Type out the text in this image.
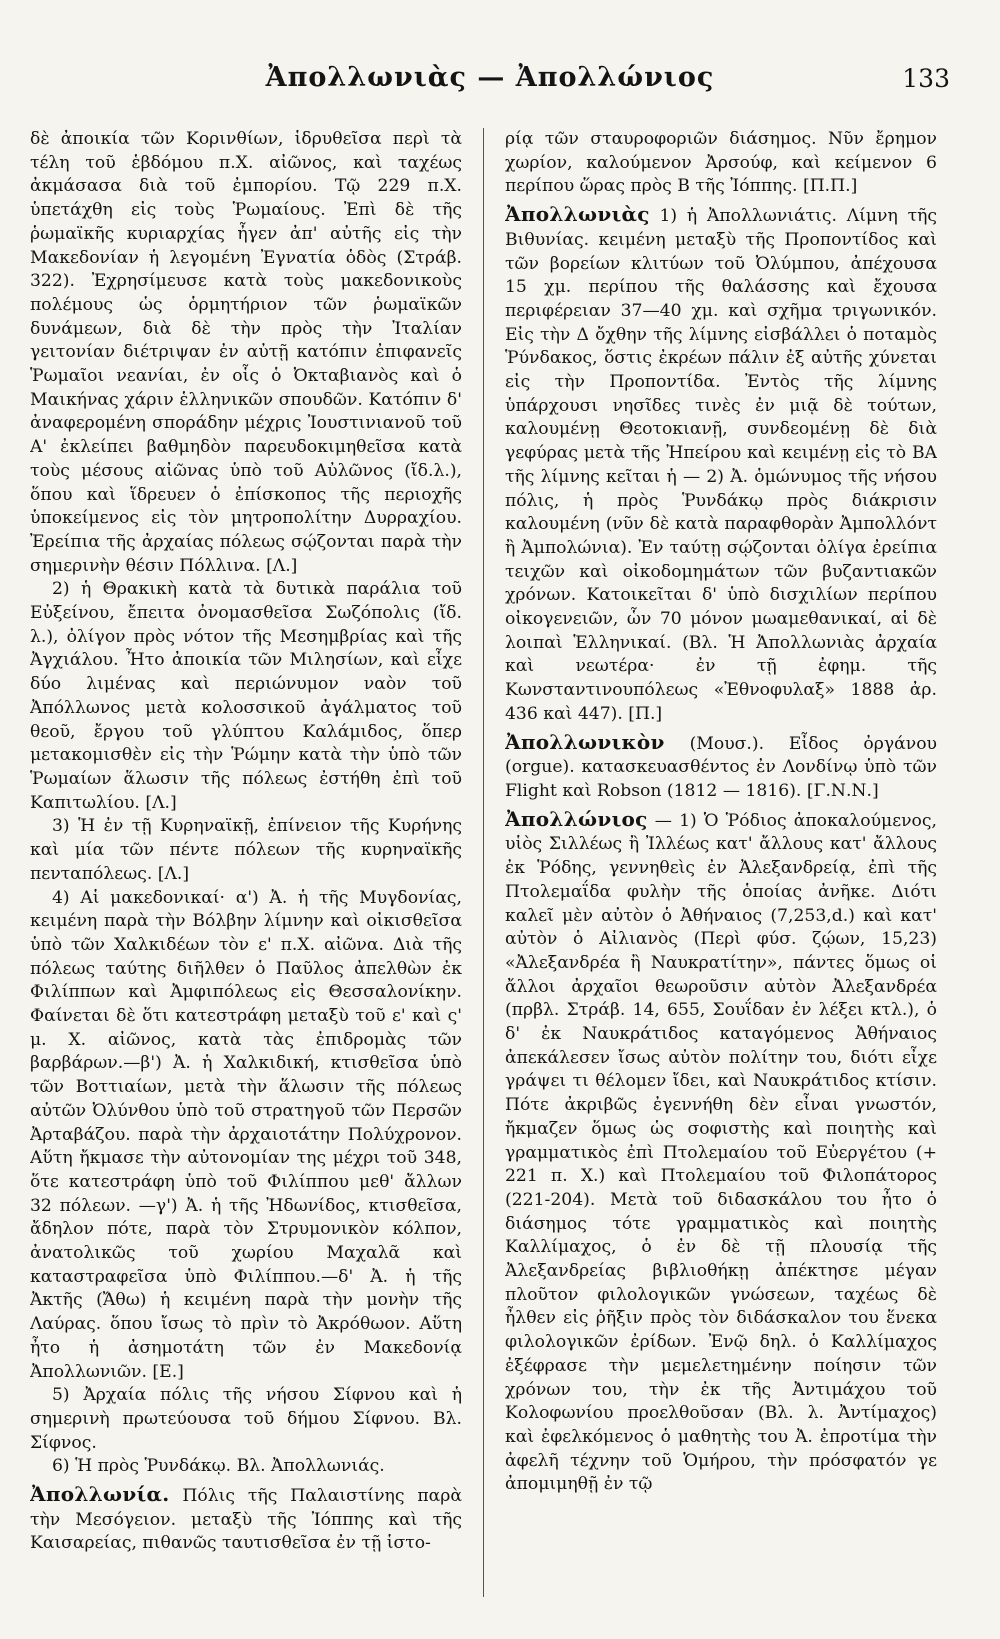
Ἀπολλωνιὰς — Ἀπολλώνιος	133

δὲ ἀποικία τῶν Κορινθίων, ἱδρυθεῖσα περὶ τὰ τέλη τοῦ ἑβδόμου π.Χ. αἰῶνος, καὶ ταχέως ἀκμάσασα διὰ τοῦ ἐμπορίου. Τῷ 229 π.Χ. ὑπετάχθη εἰς τοὺς Ῥωμαίους. Ἐπὶ δὲ τῆς ῥωμαϊκῆς κυριαρχίας ἦγεν ἀπ' αὐτῆς εἰς τὴν Μακεδονίαν ἡ λεγομένη Ἐγνατία ὁδὸς (Στράβ. 322). Ἐχρησίμευσε κατὰ τοὺς μακεδονικοὺς πολέμους ὡς ὁρμητήριον τῶν ῥωμαϊκῶν δυνάμεων, διὰ δὲ τὴν πρὸς τὴν Ἰταλίαν γειτονίαν διέτριψαν ἐν αὐτῇ κατόπιν ἐπιφανεῖς Ῥωμαῖοι νεανίαι, ἐν οἷς ὁ Ὀκταβιανὸς καὶ ὁ Μαικήνας χάριν ἑλληνικῶν σπουδῶν. Κατόπιν δ' ἀναφερομένη σποράδην μέχρις Ἰουστινιανοῦ τοῦ Α' ἐκλείπει βαθμηδὸν παρευδοκιμηθεῖσα κατὰ τοὺς μέσους αἰῶνας ὑπὸ τοῦ Αὐλῶνος (ἴδ.λ.), ὅπου καὶ ἵδρευεν ὁ ἐπίσκοπος τῆς περιοχῆς ὑποκείμενος εἰς τὸν μητροπολίτην Δυρραχίου. Ἐρείπια τῆς ἀρχαίας πόλεως σῴζονται παρὰ τὴν σημερινὴν θέσιν Πόλλινα. [Λ.]

2) ἡ Θρακικὴ κατὰ τὰ δυτικὰ παράλια τοῦ Εὐξείνου, ἔπειτα ὀνομασθεῖσα Σωζόπολις (ἴδ. λ.), ὀλίγον πρὸς νότον τῆς Μεσημβρίας καὶ τῆς Ἀγχιάλου. Ἦτο ἀποικία τῶν Μιλησίων, καὶ εἶχε δύο λιμένας καὶ περιώνυμον ναὸν τοῦ Ἀπόλλωνος μετὰ κολοσσικοῦ ἀγάλματος τοῦ θεοῦ, ἔργου τοῦ γλύπτου Καλάμιδος, ὅπερ μετακομισθὲν εἰς τὴν Ῥώμην κατὰ τὴν ὑπὸ τῶν Ῥωμαίων ἅλωσιν τῆς πόλεως ἐστήθη ἐπὶ τοῦ Καπιτωλίου. [Λ.]

3) Ἡ ἐν τῇ Κυρηναϊκῇ, ἐπίνειον τῆς Κυρήνης καὶ μία τῶν πέντε πόλεων τῆς κυρηναϊκῆς πενταπόλεως. [Λ.]

4) Αἱ μακεδονικαί· α') Ἀ. ἡ τῆς Μυγδονίας, κειμένη παρὰ τὴν Βόλβην λίμνην καὶ οἰκισθεῖσα ὑπὸ τῶν Χαλκιδέων τὸν ε' π.Χ. αἰῶνα. Διὰ τῆς πόλεως ταύτης διῆλθεν ὁ Παῦλος ἀπελθὼν ἐκ Φιλίππων καὶ Ἀμφιπόλεως εἰς Θεσσαλονίκην. Φαίνεται δὲ ὅτι κατεστράφη μεταξὺ τοῦ ε' καὶ ς' μ. Χ. αἰῶνος, κατὰ τὰς ἐπιδρομὰς τῶν βαρβάρων.—β') Ἀ. ἡ Χαλκιδική, κτισθεῖσα ὑπὸ τῶν Βοττιαίων, μετὰ τὴν ἅλωσιν τῆς πόλεως αὐτῶν Ὀλύνθου ὑπὸ τοῦ στρατηγοῦ τῶν Περσῶν Ἀρταβάζου. παρὰ τὴν ἀρχαιοτάτην Πολύχρονον. Αὕτη ἤκμασε τὴν αὐτονομίαν της μέχρι τοῦ 348, ὅτε κατεστράφη ὑπὸ τοῦ Φιλίππου μεθ' ἄλλων 32 πόλεων. —γ') Ἀ. ἡ τῆς Ἠδωνίδος, κτισθεῖσα, ἄδηλον πότε, παρὰ τὸν Στρυμονικὸν κόλπον, ἀνατολικῶς τοῦ χωρίου Μαχαλᾶ καὶ καταστραφεῖσα ὑπὸ Φιλίππου.—δ' Ἀ. ἡ τῆς Ἀκτῆς (Ἄθω) ἡ κειμένη παρὰ τὴν μονὴν τῆς Λαύρας. ὅπου ἴσως τὸ πρὶν τὸ Ἀκρόθωον. Αὕτη ἦτο ἡ ἀσημοτάτη τῶν ἐν Μακεδονίᾳ Ἀπολλωνιῶν. [Ε.]

5) Ἀρχαία πόλις τῆς νήσου Σίφνου καὶ ἡ σημερινὴ πρωτεύουσα τοῦ δήμου Σίφνου. Βλ. Σίφνος.

6) Ἡ πρὸς Ῥυνδάκῳ. Βλ. Ἀπολλωνιάς.

Ἀπολλωνία. Πόλις τῆς Παλαιστίνης παρὰ τὴν Μεσόγειον. μεταξὺ τῆς Ἰόππης καὶ τῆς Καισαρείας, πιθανῶς ταυτισθεῖσα ἐν τῇ ἱστο-

ρίᾳ τῶν σταυροφοριῶν διάσημος. Νῦν ἔρημον χωρίον, καλούμενον Ἀρσούφ, καὶ κείμενον 6 περίπου ὥρας πρὸς Β τῆς Ἰόππης. [Π.Π.]

Ἀπολλωνιὰς 1) ἡ Ἀπολλωνιάτις. Λίμνη τῆς Βιθυνίας. κειμένη μεταξὺ τῆς Προποντίδος καὶ τῶν βορείων κλιτύων τοῦ Ὀλύμπου, ἀπέχουσα 15 χμ. περίπου τῆς θαλάσσης καὶ ἔχουσα περιφέρειαν 37—40 χμ. καὶ σχῆμα τριγωνικόν. Εἰς τὴν Δ ὄχθην τῆς λίμνης εἰσβάλλει ὁ ποταμὸς Ῥύνδακος, ὅστις ἐκρέων πάλιν ἐξ αὐτῆς χύνεται εἰς τὴν Προποντίδα. Ἐντὸς τῆς λίμνης ὑπάρχουσι νησῖδες τινὲς ἐν μιᾷ δὲ τούτων, καλουμένῃ Θεοτοκιανῇ, συνδεομένῃ δὲ διὰ γεφύρας μετὰ τῆς Ἠπείρου καὶ κειμένῃ εἰς τὸ ΒΑ τῆς λίμνης κεῖται ἡ — 2) Ἀ. ὁμώνυμος τῆς νήσου πόλις, ἡ πρὸς Ῥυνδάκῳ πρὸς διάκρισιν καλουμένη (νῦν δὲ κατὰ παραφθορὰν Ἀμπολλόντ ἢ Ἀμπολώνια). Ἐν ταύτῃ σῴζονται ὀλίγα ἐρείπια τειχῶν καὶ οἰκοδομημάτων τῶν βυζαντιακῶν χρόνων. Κατοικεῖται δ' ὑπὸ δισχιλίων περίπου οἰκογενειῶν, ὧν 70 μόνον μωαμεθανικαί, αἱ δὲ λοιπαὶ Ἑλληνικαί. (Βλ. Ἡ Ἀπολλωνιὰς ἀρχαία καὶ νεωτέρα· ἐν τῇ ἐφημ. τῆς Κωνσταντινουπόλεως «Ἐθνοφυλαξ» 1888 ἀρ. 436 καὶ 447). [Π.]

Ἀπολλωνικὸν (Μουσ.). Εἶδος ὀργάνου (orgue). κατασκευασθέντος ἐν Λονδίνῳ ὑπὸ τῶν Flight καὶ Robson (1812 — 1816). [Γ.Ν.Ν.]

Ἀπολλώνιος — 1) Ὁ Ῥόδιος ἀποκαλούμενος, υἱὸς Σιλλέως ἢ Ἰλλέως κατ' ἄλλους κατ' ἄλλους ἐκ Ῥόδης, γεννηθεὶς ἐν Ἀλεξανδρείᾳ, ἐπὶ τῆς Πτολεμαΐδα φυλὴν τῆς ὁποίας ἀνῆκε. Διότι καλεῖ μὲν αὐτὸν ὁ Ἀθήναιος (7,253,d.) καὶ κατ' αὐτὸν ὁ Αἰλιανὸς (Περὶ φύσ. ζῴων, 15,23) «Ἀλεξανδρέα ἢ Ναυκρατίτην», πάντες ὅμως οἱ ἄλλοι ἀρχαῖοι θεωροῦσιν αὐτὸν Ἀλεξανδρέα (πρβλ. Στράβ. 14, 655, Σουΐδαν ἐν λέξει κτλ.), ὁ δ' ἐκ Ναυκράτιδος καταγόμενος Ἀθήναιος ἀπεκάλεσεν ἴσως αὐτὸν πολίτην του, διότι εἶχε γράψει τι θέλομεν ἴδει, καὶ Ναυκράτιδος κτίσιν. Πότε ἀκριβῶς ἐγεννήθη δὲν εἶναι γνωστόν, ἤκμαζεν ὅμως ὡς σοφιστὴς καὶ ποιητὴς καὶ γραμματικὸς ἐπὶ Πτολεμαίου τοῦ Εὐεργέτου (+ 221 π. Χ.) καὶ Πτολεμαίου τοῦ Φιλοπάτορος (221-204). Μετὰ τοῦ διδασκάλου του ἦτο ὁ διάσημος τότε γραμματικὸς καὶ ποιητὴς Καλλίμαχος, ὁ ἐν δὲ τῇ πλουσίᾳ τῆς Ἀλεξανδρείας βιβλιοθήκῃ ἀπέκτησε μέγαν πλοῦτον φιλολογικῶν γνώσεων, ταχέως δὲ ἦλθεν εἰς ῥῆξιν πρὸς τὸν διδάσκαλον του ἕνεκα φιλολογικῶν ἐρίδων. Ἐνῷ δηλ. ὁ Καλλίμαχος ἐξέφρασε τὴν μεμελετημένην ποίησιν τῶν χρόνων του, τὴν ἐκ τῆς Ἀντιμάχου τοῦ Κολοφωνίου προελθοῦσαν (Βλ. λ. Ἀντίμαχος) καὶ ἐφελκόμενος ὁ μαθητὴς του Ἀ. ἐπροτίμα τὴν ἀφελῆ τέχνην τοῦ Ὁμήρου, τὴν πρόσφατόν γε ἀπομιμηθῇ ἐν τῷ
